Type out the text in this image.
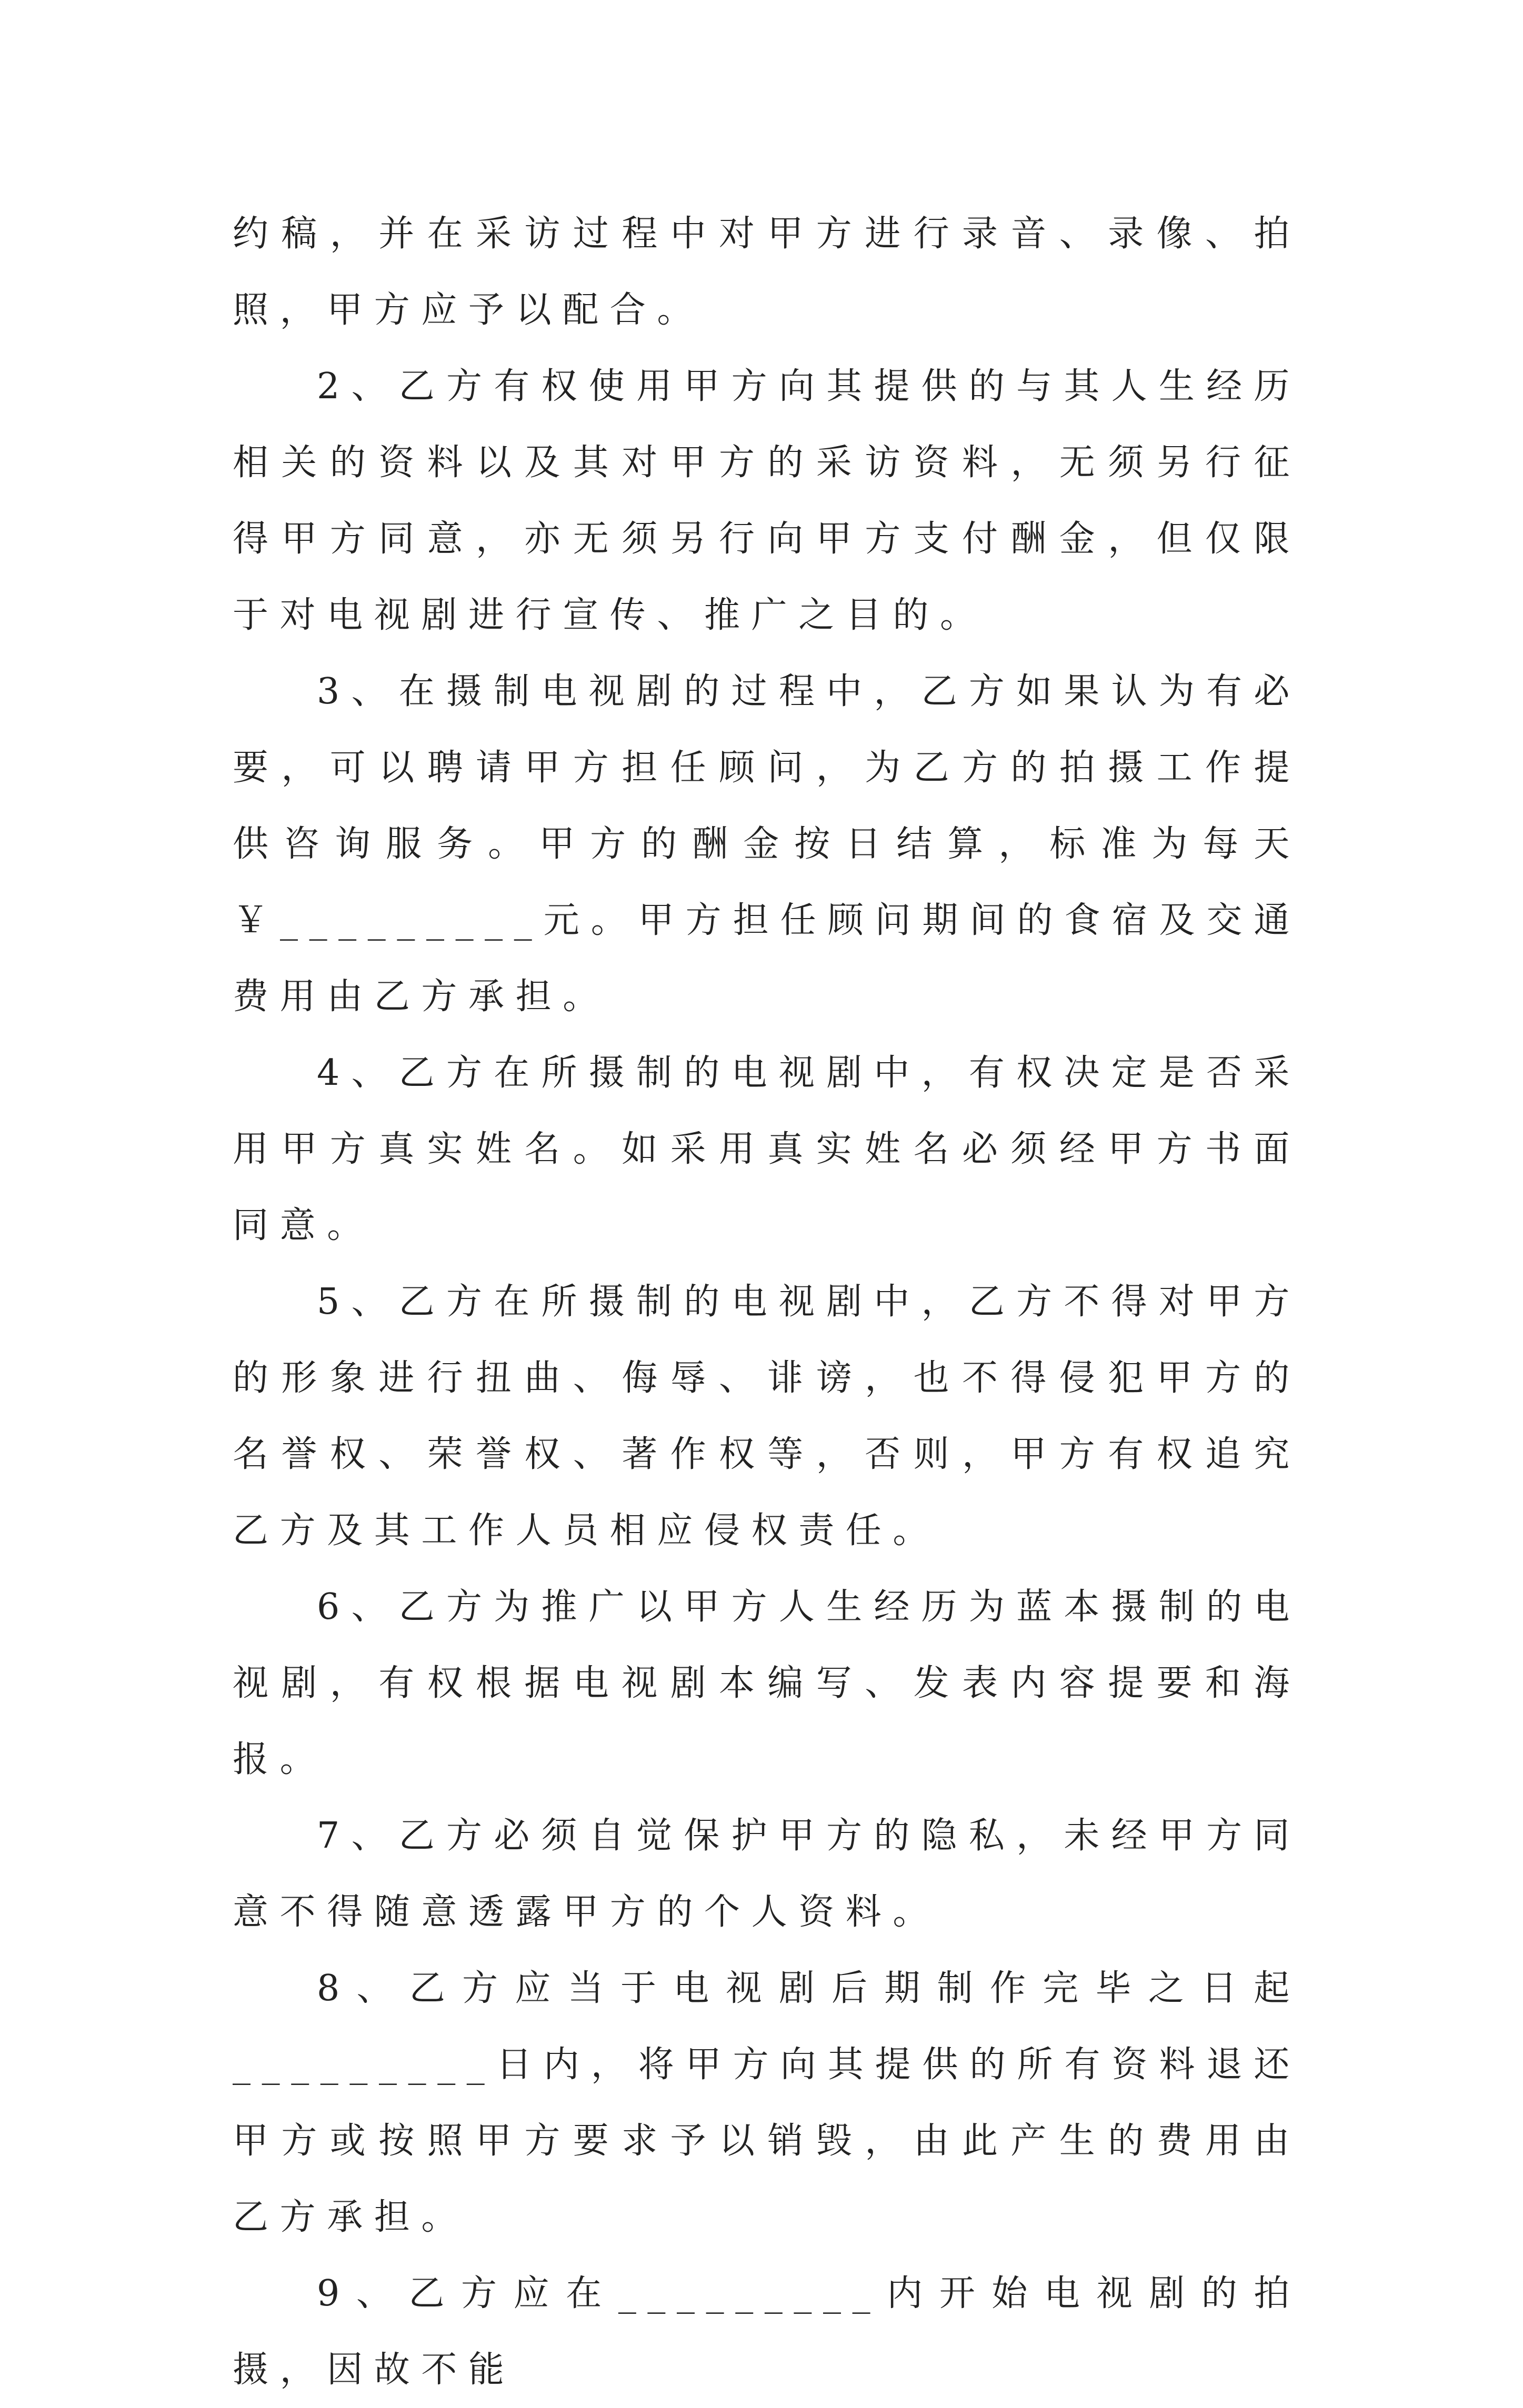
约稿，并在采访过程中对甲方进行录音、录像、拍照，甲方应予以配合。

2、乙方有权使用甲方向其提供的与其人生经历相关的资料以及其对甲方的采访资料，无须另行征得甲方同意，亦无须另行向甲方支付酬金，但仅限于对电视剧进行宣传、推广之目的。

3、在摄制电视剧的过程中，乙方如果认为有必要，可以聘请甲方担任顾问，为乙方的拍摄工作提供咨询服务。甲方的酬金按日结算，标准为每天￥_________元。甲方担任顾问期间的食宿及交通费用由乙方承担。

4、乙方在所摄制的电视剧中，有权决定是否采用甲方真实姓名。如采用真实姓名必须经甲方书面同意。

5、乙方在所摄制的电视剧中，乙方不得对甲方的形象进行扭曲、侮辱、诽谤，也不得侵犯甲方的名誉权、荣誉权、著作权等，否则，甲方有权追究乙方及其工作人员相应侵权责任。

6、乙方为推广以甲方人生经历为蓝本摄制的电视剧，有权根据电视剧本编写、发表内容提要和海报。

7、乙方必须自觉保护甲方的隐私，未经甲方同意不得随意透露甲方的个人资料。

8、乙方应当于电视剧后期制作完毕之日起_________日内，将甲方向其提供的所有资料退还甲方或按照甲方要求予以销毁，由此产生的费用由乙方承担。

9、乙方应在_________内开始电视剧的拍摄，因故不能
